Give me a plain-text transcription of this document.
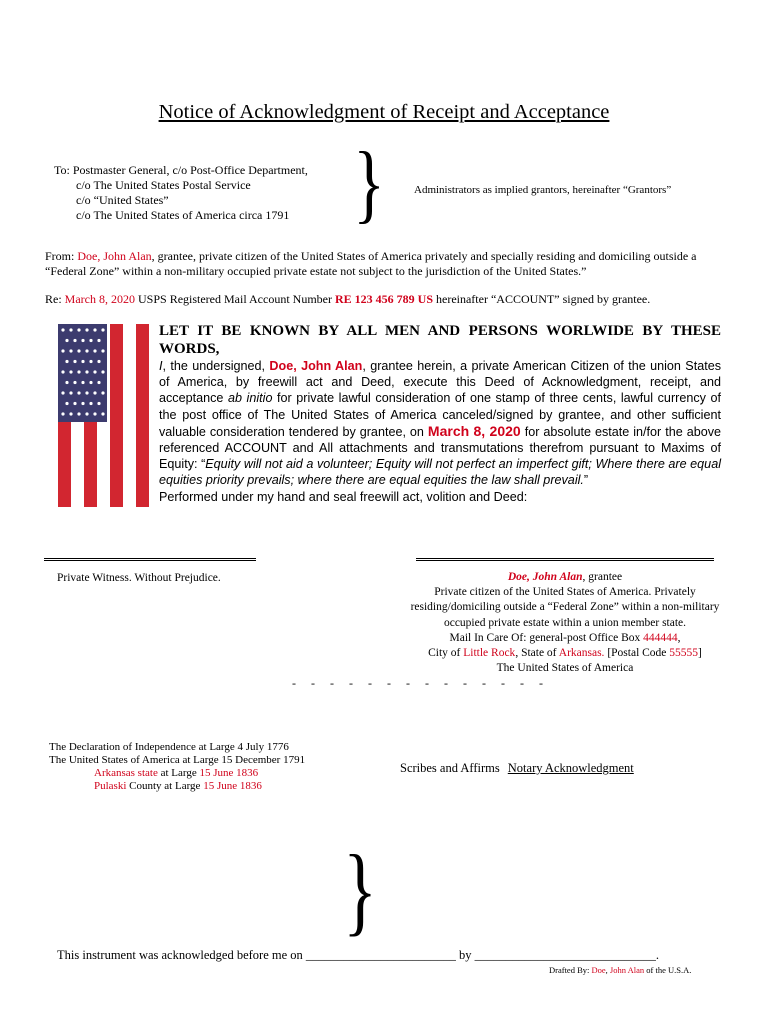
Notice of Acknowledgment of Receipt and Acceptance
To: Postmaster General, c/o Post-Office Department,
c/o The United States Postal Service
c/o “United States”
c/o The United States of America circa 1791 }	Administrators as implied grantors, hereinafter “Grantors”
From: Doe, John Alan, grantee, private citizen of the United States of America privately and specially residing and domiciling outside a “Federal Zone” within a non-military occupied private estate not subject to the jurisdiction of the United States.”
Re: March 8, 2020 USPS Registered Mail Account Number RE 123 456 789 US hereinafter “ACCOUNT” signed by grantee.
LET IT BE KNOWN BY ALL MEN AND PERSONS WORLWIDE BY THESE WORDS,
I, the undersigned, Doe, John Alan, grantee herein, a private American Citizen of the union States of America, by freewill act and Deed, execute this Deed of Acknowledgment, receipt, and acceptance ab initio for private lawful consideration of one stamp of three cents, lawful currency of the post office of The United States of America canceled/signed by grantee, and other sufficient valuable consideration tendered by grantee, on March 8, 2020 for absolute estate in/for the above referenced ACCOUNT and All attachments and transmutations therefrom pursuant to Maxims of Equity: “Equity will not aid a volunteer; Equity will not perfect an imperfect gift; Where there are equal equities priority prevails; where there are equal equities the law shall prevail.”
Performed under my hand and seal freewill act, volition and Deed:
Private Witness. Without Prejudice.	Doe, John Alan, grantee
Private citizen of the United States of America. Privately residing/domiciling outside a “Federal Zone” within a non-military occupied private estate within a union member state.
Mail In Care Of: general-post Office Box 444444,
City of Little Rock, State of Arkansas. [Postal Code 55555]
The United States of America
- - - - - - - - - - - - - -
The Declaration of Independence at Large 4 July 1776
The United States of America at Large 15 December 1791
Arkansas state at Large 15 June 1836
Pulaski County at Large 15 June 1836
Scribes and Affirms Notary Acknowledgment
}
This instrument was acknowledged before me on ________________________ by _____________________________.
Drafted By: Doe, John Alan of the U.S.A.
